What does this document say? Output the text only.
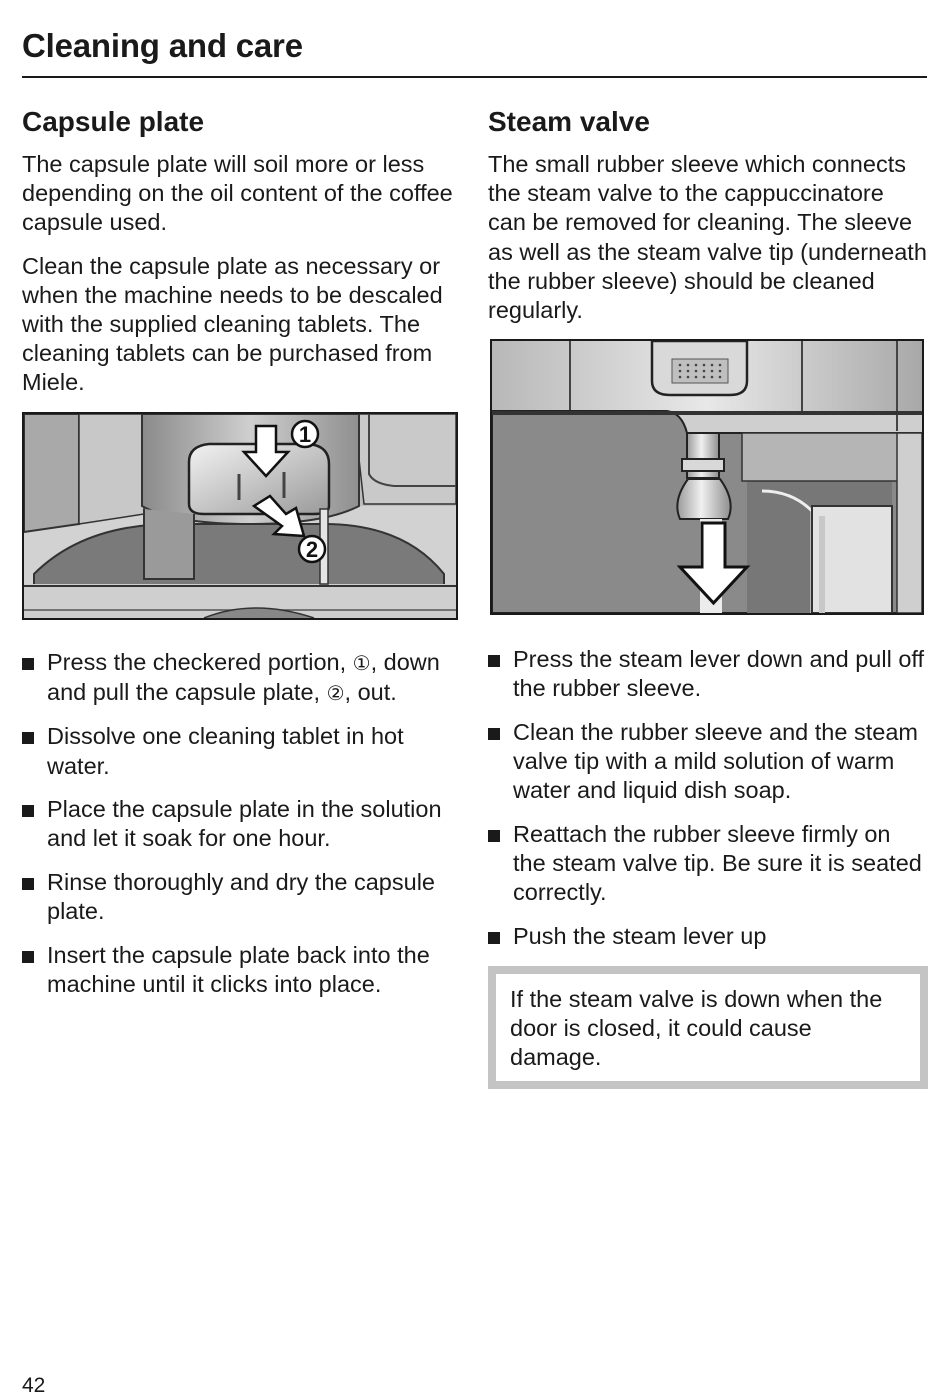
Cleaning and care
Capsule plate

The capsule plate will soil more or less depending on the oil content of the coffee capsule used.

Clean the capsule plate as necessary or when the machine needs to be descaled with the supplied cleaning tablets. The cleaning tablets can be purchased from Miele.

1
2
Press the checkered portion, ①, down and pull the capsule plate, ②, out.
Dissolve one cleaning tablet in hot water.
Place the capsule plate in the solution and let it soak for one hour.
Rinse thoroughly and dry the capsule plate.
Insert the capsule plate back into the machine until it clicks into place.
Steam valve

The small rubber sleeve which connects the steam valve to the cappuccinatore can be removed for cleaning. The sleeve as well as the steam valve tip (underneath the rubber sleeve) should be cleaned regularly.

Press the steam lever down and pull off the rubber sleeve.
Clean the rubber sleeve and the steam valve tip with a mild solution of warm water and liquid dish soap.
Reattach the rubber sleeve firmly on the steam valve tip. Be sure it is seated correctly.
Push the steam lever up
If the steam valve is down when the door is closed, it could cause damage.
42
